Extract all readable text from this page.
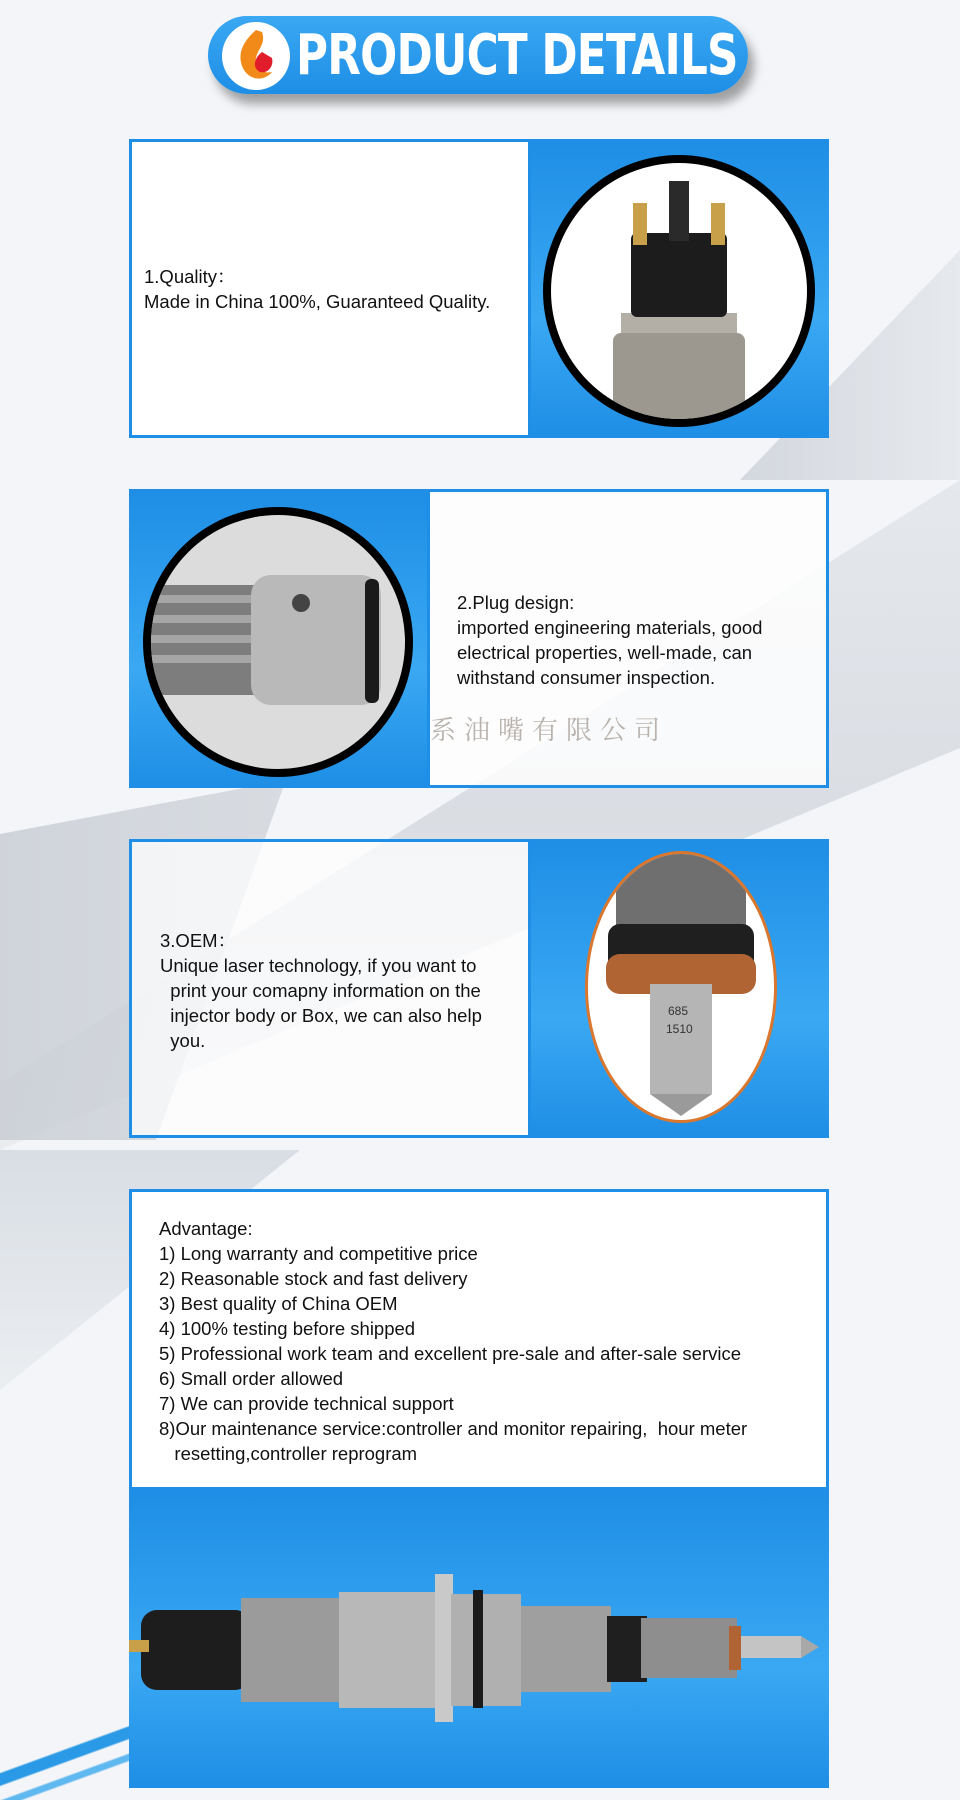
PRODUCT DETAILS
1.Quality：
Made in China 100%, Guaranteed Quality.
2.Plug design:
imported engineering materials, good
electrical properties, well-made, can
withstand consumer inspection.
系油嘴有限公司
3.OEM：
Unique laser technology, if you want to
print your comapny information on the
injector body or Box, we can also help
you.
685
1510
Advantage:
1) Long warranty and competitive price
2) Reasonable stock and fast delivery
3) Best quality of China OEM
4) 100% testing before shipped
5) Professional work team and excellent pre-sale and after-sale service
6) Small order allowed
7) We can provide technical support
8)Our maintenance service:controller and monitor repairing,  hour meter
resetting,controller reprogram
